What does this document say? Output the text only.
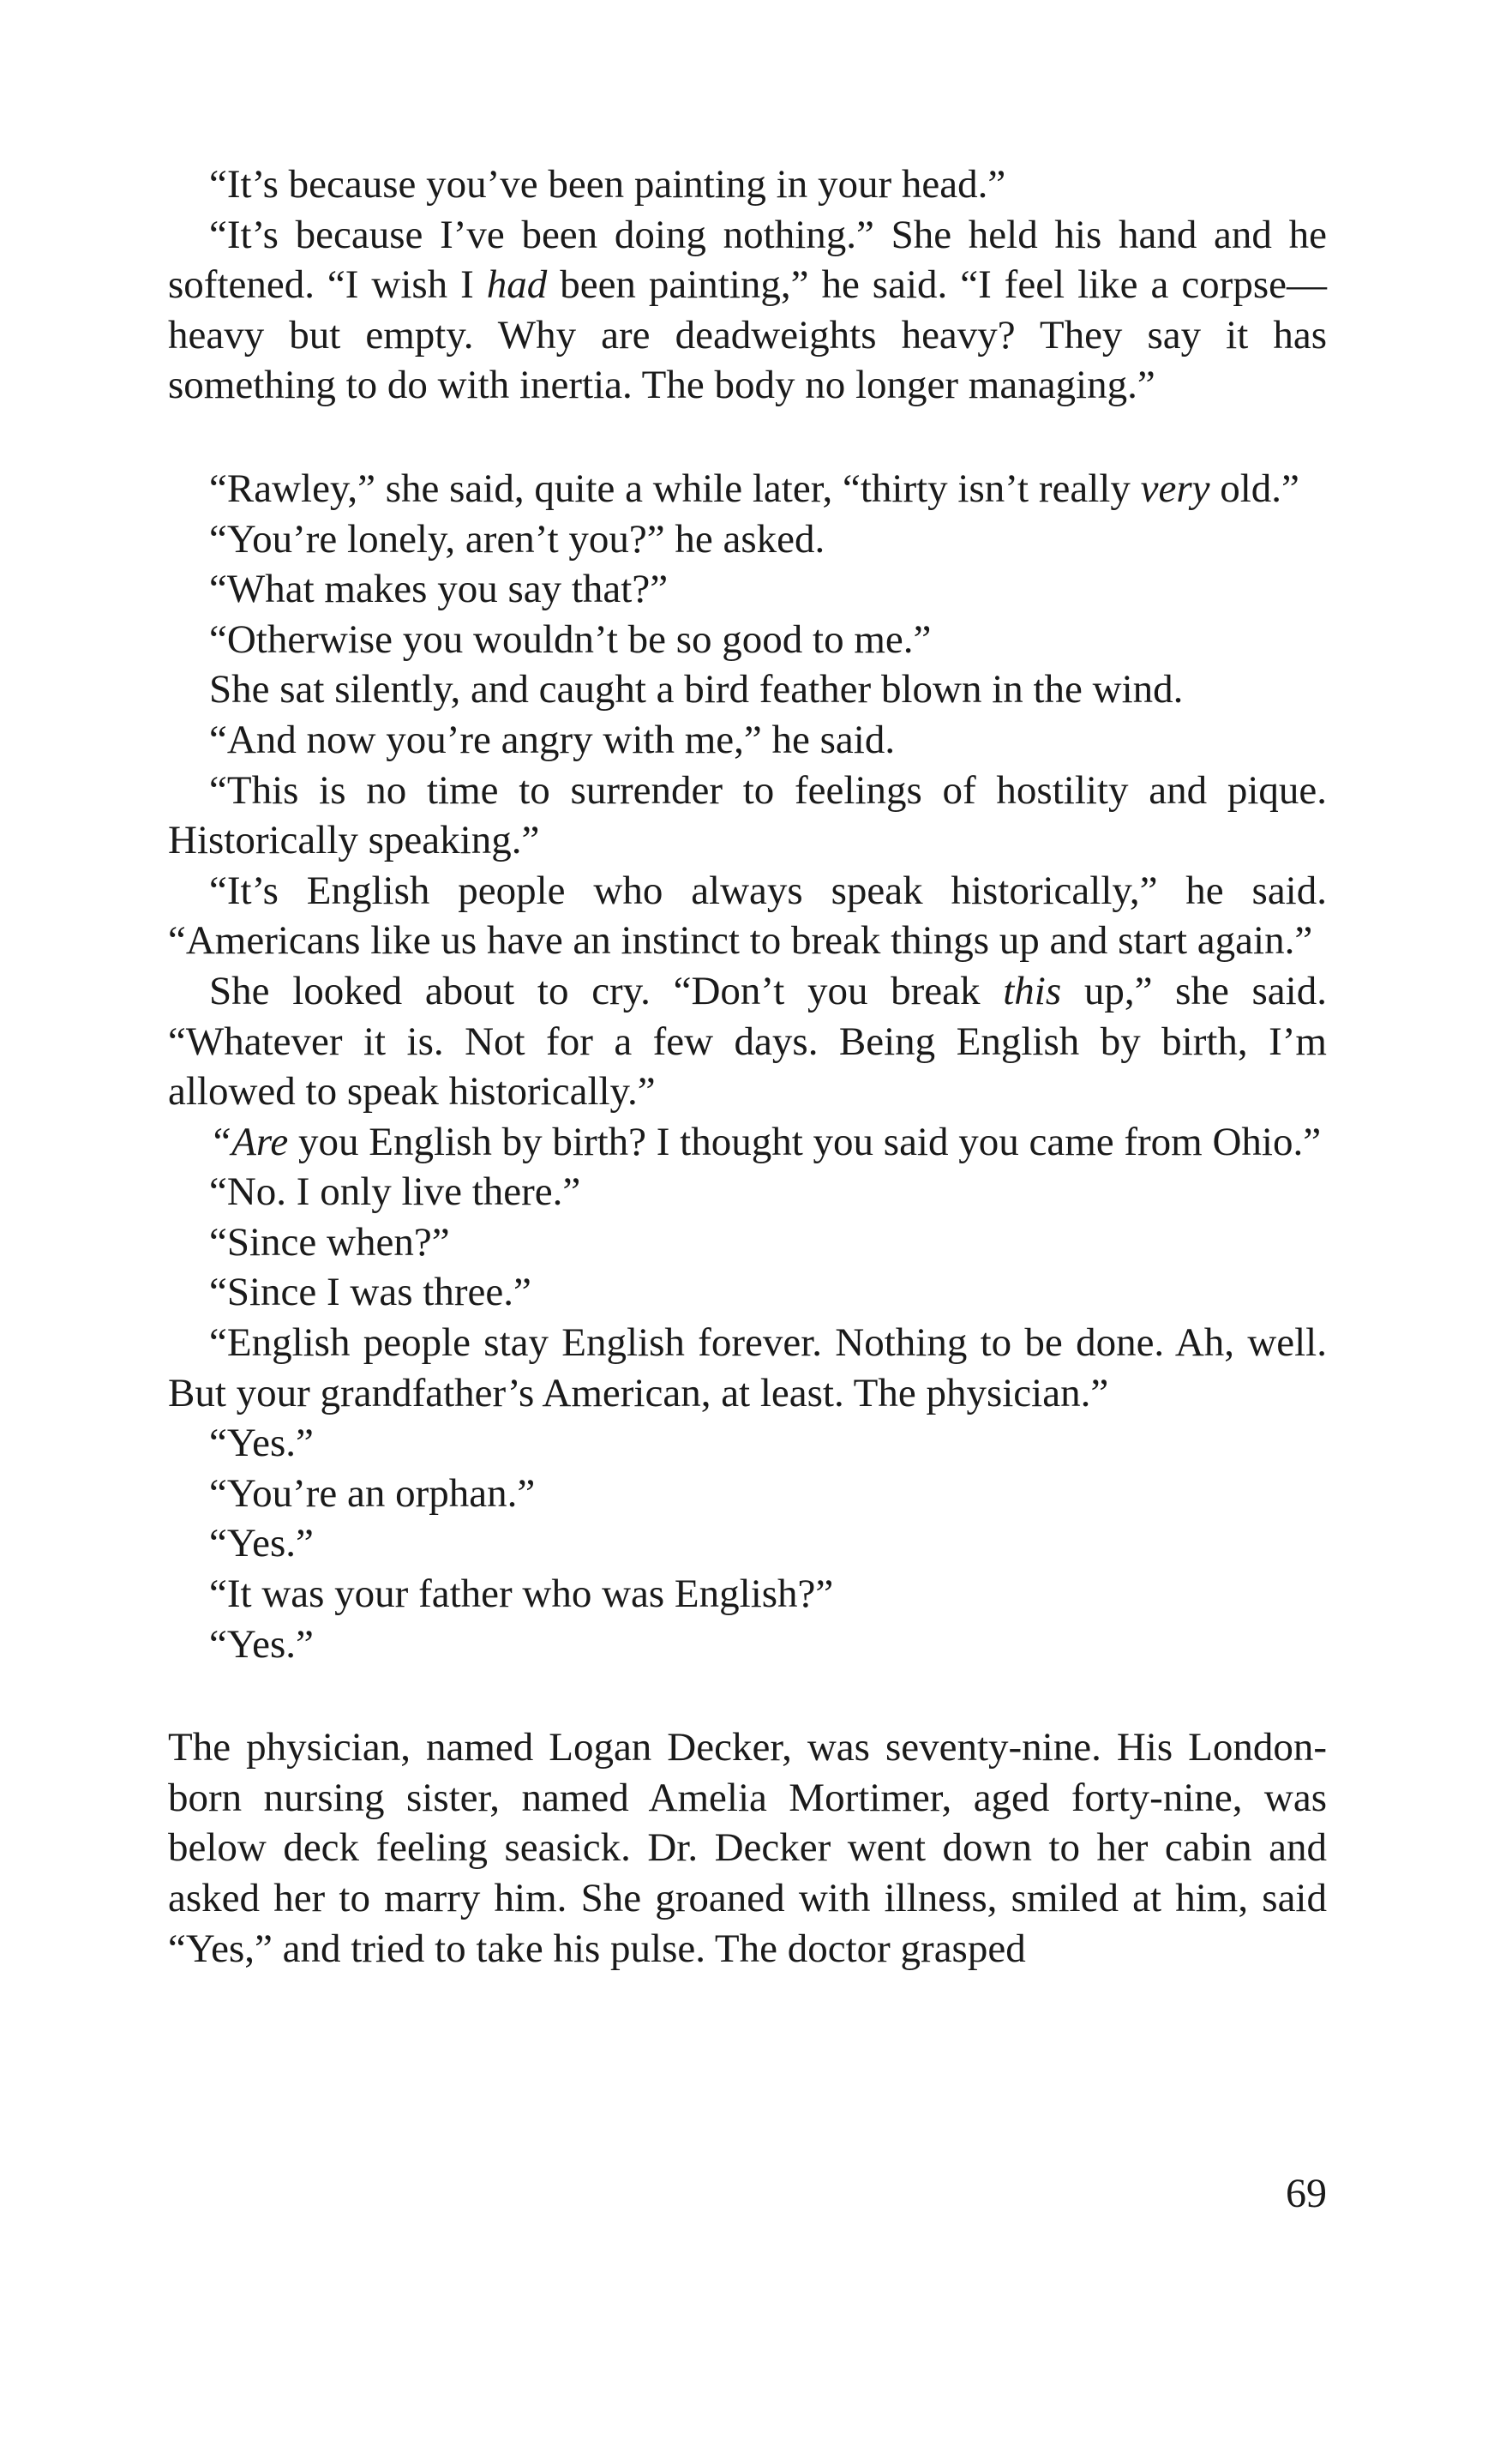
“It’s because you’ve been painting in your head.”

“It’s because I’ve been doing nothing.” She held his hand and he softened. “I wish I had been painting,” he said. “I feel like a corpse—heavy but empty. Why are deadweights heavy? They say it has something to do with inertia. The body no longer managing.”

“Rawley,” she said, quite a while later, “thirty isn’t really very old.”

“You’re lonely, aren’t you?” he asked.

“What makes you say that?”

“Otherwise you wouldn’t be so good to me.”

She sat silently, and caught a bird feather blown in the wind.

“And now you’re angry with me,” he said.

“This is no time to surrender to feelings of hostility and pique. Historically speaking.”

“It’s English people who always speak historically,” he said. “Americans like us have an instinct to break things up and start again.”

She looked about to cry. “Don’t you break this up,” she said. “Whatever it is. Not for a few days. Being English by birth, I’m allowed to speak historically.”

“Are you English by birth? I thought you said you came from Ohio.”

“No. I only live there.”

“Since when?”

“Since I was three.”

“English people stay English forever. Nothing to be done. Ah, well. But your grandfather’s American, at least. The physician.”

“Yes.”

“You’re an orphan.”

“Yes.”

“It was your father who was English?”

“Yes.”

The physician, named Logan Decker, was seventy-nine. His London-born nursing sister, named Amelia Mortimer, aged forty-nine, was below deck feeling seasick. Dr. Decker went down to her cabin and asked her to marry him. She groaned with illness, smiled at him, said “Yes,” and tried to take his pulse. The doctor grasped

69
